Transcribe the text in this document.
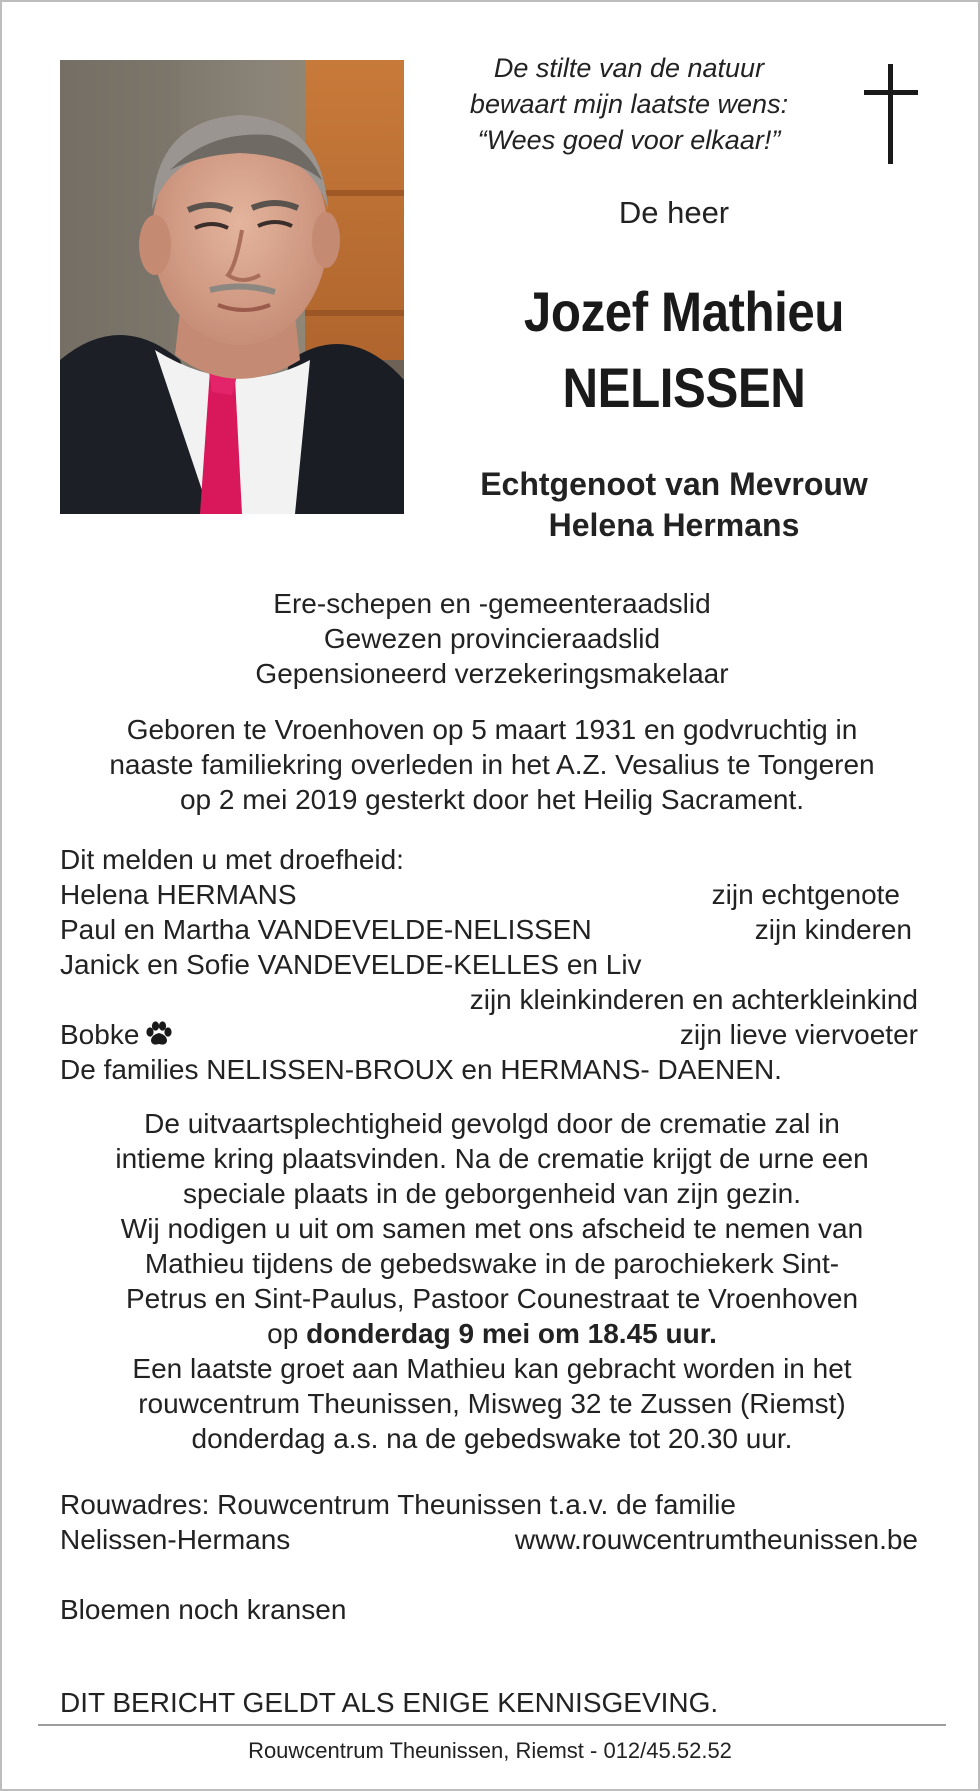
De stilte van de natuur
bewaart mijn laatste wens:
“Wees goed voor elkaar!”
De heer
Jozef Mathieu
NELISSEN
Echtgenoot van Mevrouw
Helena Hermans
Ere-schepen en -gemeenteraadslid
Gewezen provincieraadslid
Gepensioneerd verzekeringsmakelaar
Geboren te Vroenhoven op 5 maart 1931 en godvruchtig in
naaste familiekring overleden in het A.Z. Vesalius te Tongeren
op 2 mei 2019 gesterkt door het Heilig Sacrament.
Dit melden u met droefheid:
Helena HERMANS	zijn echtgenote
Paul en Martha VANDEVELDE-NELISSEN	zijn kinderen
Janick en Sofie VANDEVELDE-KELLES en Liv
zijn kleinkinderen en achterkleinkind
Bobke	zijn lieve viervoeter
De families NELISSEN-BROUX en HERMANS- DAENEN.
De uitvaartsplechtigheid gevolgd door de crematie zal in
intieme kring plaatsvinden. Na de crematie krijgt de urne een
speciale plaats in de geborgenheid van zijn gezin.
Wij nodigen u uit om samen met ons afscheid te nemen van
Mathieu tijdens de gebedswake in de parochiekerk Sint-
Petrus en Sint-Paulus, Pastoor Counestraat te Vroenhoven
op donderdag 9 mei om 18.45 uur.
Een laatste groet aan Mathieu kan gebracht worden in het
rouwcentrum Theunissen, Misweg 32 te Zussen (Riemst)
donderdag a.s. na de gebedswake tot 20.30 uur.
Rouwadres: Rouwcentrum Theunissen t.a.v. de familie
Nelissen-Hermans	www.rouwcentrumtheunissen.be
Bloemen noch kransen
DIT BERICHT GELDT ALS ENIGE KENNISGEVING.
Rouwcentrum Theunissen, Riemst - 012/45.52.52
